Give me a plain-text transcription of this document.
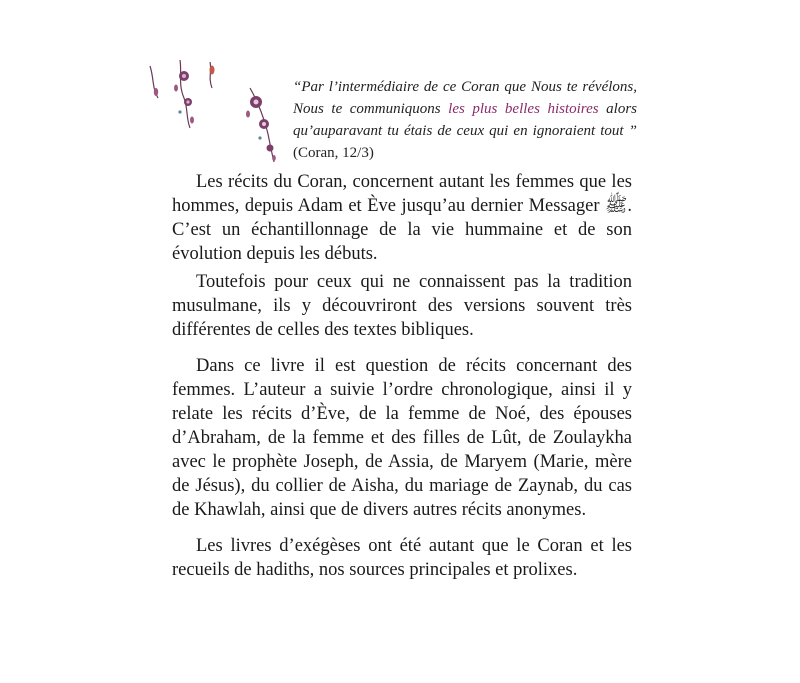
“Par l’intermédiaire de ce Coran que Nous te révélons, Nous te communiquons les plus belles histoires alors qu’auparavant tu étais de ceux qui en ignoraient tout ” (Coran, 12/3)

Les récits du Coran, concernent autant les femmes que les hommes, depuis Adam et Ève jusqu’au dernier Messager ﷺ. C’est un échantillonnage de la vie hummaine et de son évolution depuis les débuts.

Toutefois pour ceux qui ne connaissent pas la tradition musulmane, ils y découvriront des versions souvent très différentes de celles des textes bibliques.

Dans ce livre il est question de récits concernant des femmes. L’auteur a suivie l’ordre chronologique, ainsi il y relate les récits d’Ève, de la femme de Noé, des épouses d’Abraham, de la femme et des filles de Lût, de Zoulaykha avec le prophète Joseph, de Assia, de Maryem (Marie, mère de Jésus), du collier de Aisha, du mariage de Zaynab, du cas de Khawlah, ainsi que de divers autres récits anonymes.

Les livres d’exégèses ont été autant que le Coran et les recueils de hadiths, nos sources principales et prolixes.
